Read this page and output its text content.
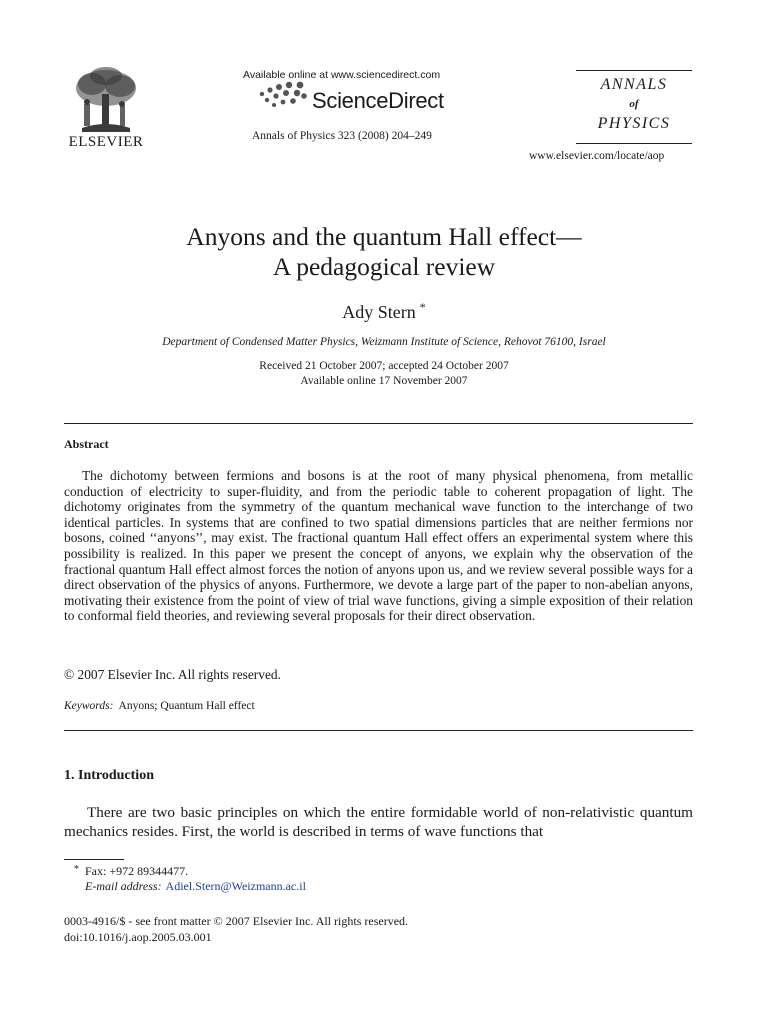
ELSEVIER
Available online at www.sciencedirect.com
ScienceDirect
Annals of Physics 323 (2008) 204–249
ANNALS
of
PHYSICS
www.elsevier.com/locate/aop
Anyons and the quantum Hall effect—
A pedagogical review
Ady Stern *
Department of Condensed Matter Physics, Weizmann Institute of Science, Rehovot 76100, Israel
Received 21 October 2007; accepted 24 October 2007
Available online 17 November 2007
Abstract
The dichotomy between fermions and bosons is at the root of many physical phenomena, from metallic conduction of electricity to super-fluidity, and from the periodic table to coherent propagation of light. The dichotomy originates from the symmetry of the quantum mechanical wave function to the interchange of two identical particles. In systems that are confined to two spatial dimensions particles that are neither fermions nor bosons, coined ‘‘anyons’’, may exist. The fractional quantum Hall effect offers an experimental system where this possibility is realized. In this paper we present the concept of anyons, we explain why the observation of the fractional quantum Hall effect almost forces the notion of anyons upon us, and we review several possible ways for a direct observation of the physics of anyons. Furthermore, we devote a large part of the paper to non-abelian anyons, motivating their existence from the point of view of trial wave functions, giving a simple exposition of their relation to conformal field theories, and reviewing several proposals for their direct observation.
© 2007 Elsevier Inc. All rights reserved.
Keywords: Anyons; Quantum Hall effect
1. Introduction
There are two basic principles on which the entire formidable world of non-relativistic quantum mechanics resides. First, the world is described in terms of wave functions that
* Fax: +972 89344477.
E-mail address: Adiel.Stern@Weizmann.ac.il
0003-4916/$ - see front matter © 2007 Elsevier Inc. All rights reserved.
doi:10.1016/j.aop.2005.03.001
